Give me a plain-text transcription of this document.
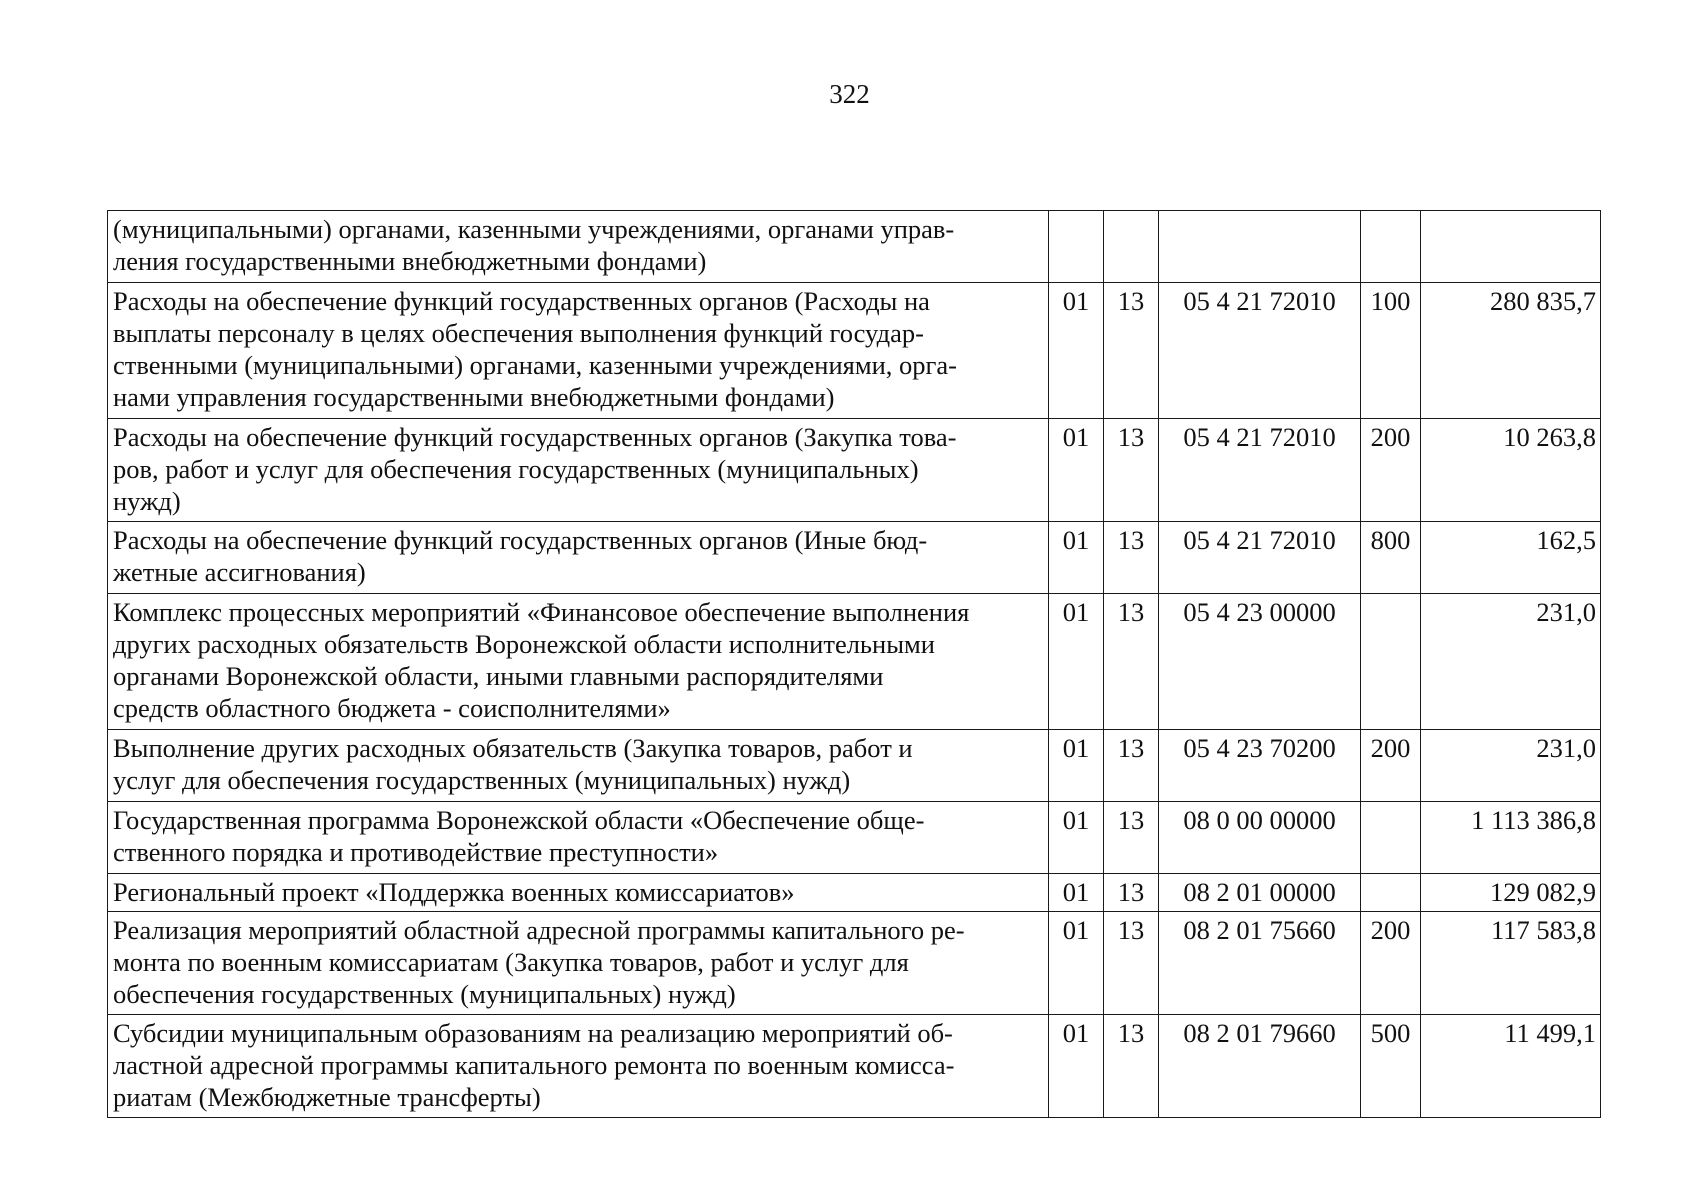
322
(муниципальными) органами, казенными учреждениями, органами управ-
ления государственными внебюджетными фондами)					
Расходы на обеспечение функций государственных органов (Расходы на
выплаты персоналу в целях обеспечения выполнения функций государ-
ственными (муниципальными) органами, казенными учреждениями, орга-
нами управления государственными внебюджетными фондами)	01	13	05 4 21 72010	100	280 835,7
Расходы на обеспечение функций государственных органов (Закупка това-
ров, работ и услуг для обеспечения государственных (муниципальных)
нужд)	01	13	05 4 21 72010	200	10 263,8
Расходы на обеспечение функций государственных органов (Иные бюд-
жетные ассигнования)	01	13	05 4 21 72010	800	162,5
Комплекс процессных мероприятий «Финансовое обеспечение выполнения
других расходных обязательств Воронежской области исполнительными
органами Воронежской области, иными главными распорядителями
средств областного бюджета - соисполнителями»	01	13	05 4 23 00000		231,0
Выполнение других расходных обязательств (Закупка товаров, работ и
услуг для обеспечения государственных (муниципальных) нужд)	01	13	05 4 23 70200	200	231,0
Государственная программа Воронежской области «Обеспечение обще-
ственного порядка и противодействие преступности»	01	13	08 0 00 00000		1 113 386,8
Региональный проект «Поддержка военных комиссариатов»	01	13	08 2 01 00000		129 082,9
Реализация мероприятий областной адресной программы капитального ре-
монта по военным комиссариатам (Закупка товаров, работ и услуг для
обеспечения государственных (муниципальных) нужд)	01	13	08 2 01 75660	200	117 583,8
Субсидии муниципальным образованиям на реализацию мероприятий об-
ластной адресной программы капитального ремонта по военным комисса-
риатам (Межбюджетные трансферты)	01	13	08 2 01 79660	500	11 499,1
